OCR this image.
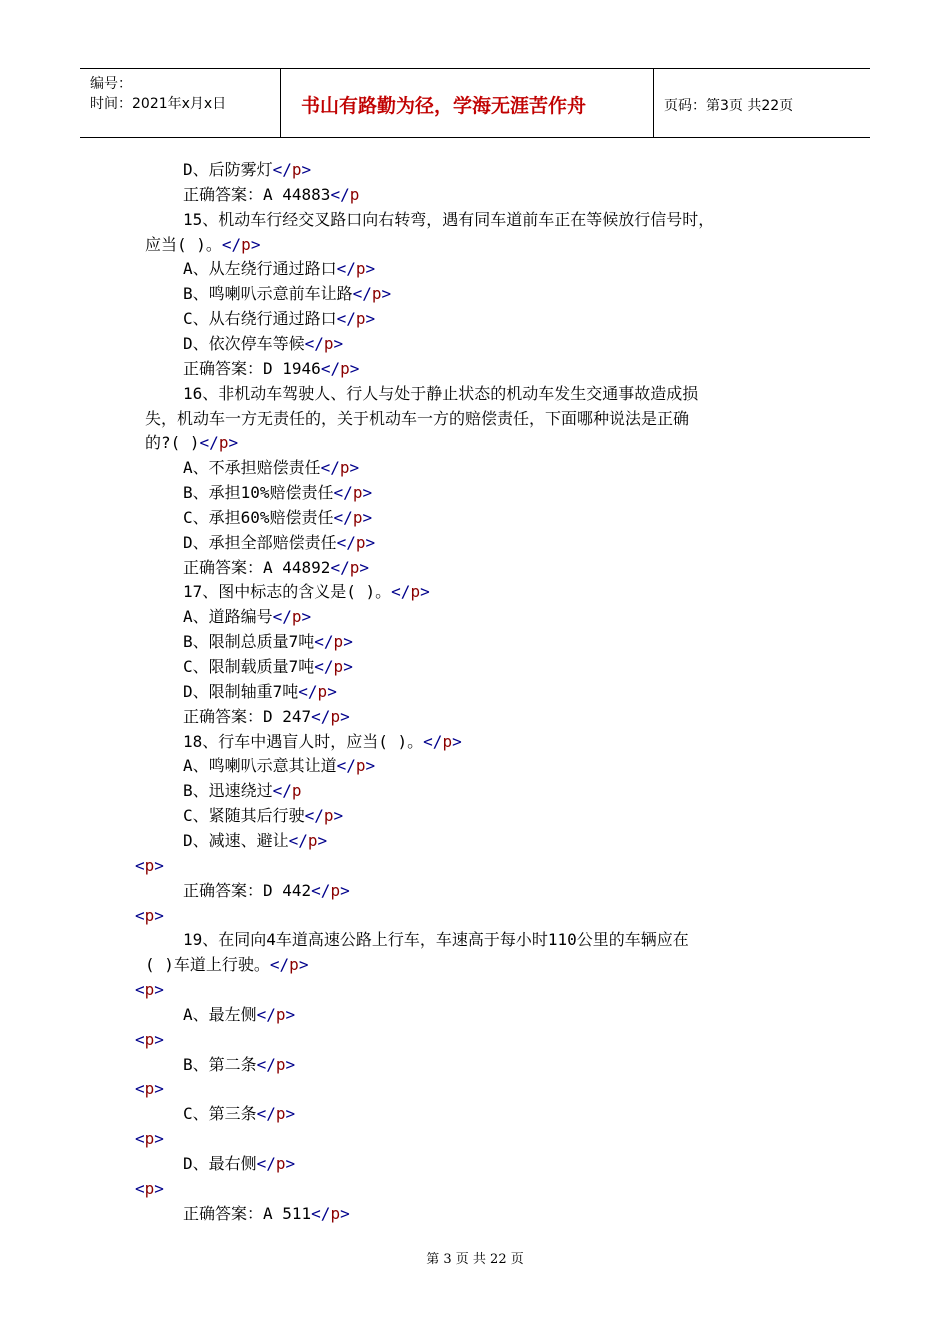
编号：
时间：2021年x月x日	书山有路勤为径，学海无涯苦作舟	页码：第3页 共22页
D、后防雾灯</p>
正确答案：A 44883</p
15、机动车行经交叉路口向右转弯，遇有同车道前车正在等候放行信号时，
应当( )。</p>
A、从左绕行通过路口</p>
B、鸣喇叭示意前车让路</p>
C、从右绕行通过路口</p>
D、依次停车等候</p>
正确答案：D 1946</p>
16、非机动车驾驶人、行人与处于静止状态的机动车发生交通事故造成损
失，机动车一方无责任的，关于机动车一方的赔偿责任，下面哪种说法是正确
的?( )</p>
A、不承担赔偿责任</p>
B、承担10%赔偿责任</p>
C、承担60%赔偿责任</p>
D、承担全部赔偿责任</p>
正确答案：A 44892</p>
17、图中标志的含义是( )。</p>
A、道路编号</p>
B、限制总质量7吨</p>
C、限制载质量7吨</p>
D、限制轴重7吨</p>
正确答案：D 247</p>
18、行车中遇盲人时，应当( )。</p>
A、鸣喇叭示意其让道</p>
B、迅速绕过</p
C、紧随其后行驶</p>
D、减速、避让</p>
<p>
正确答案：D 442</p>
<p>
19、在同向4车道高速公路上行车，车速高于每小时110公里的车辆应在
( )车道上行驶。</p>
<p>
A、最左侧</p>
<p>
B、第二条</p>
<p>
C、第三条</p>
<p>
D、最右侧</p>
<p>
正确答案：A 511</p>
第 3 页 共 22 页
